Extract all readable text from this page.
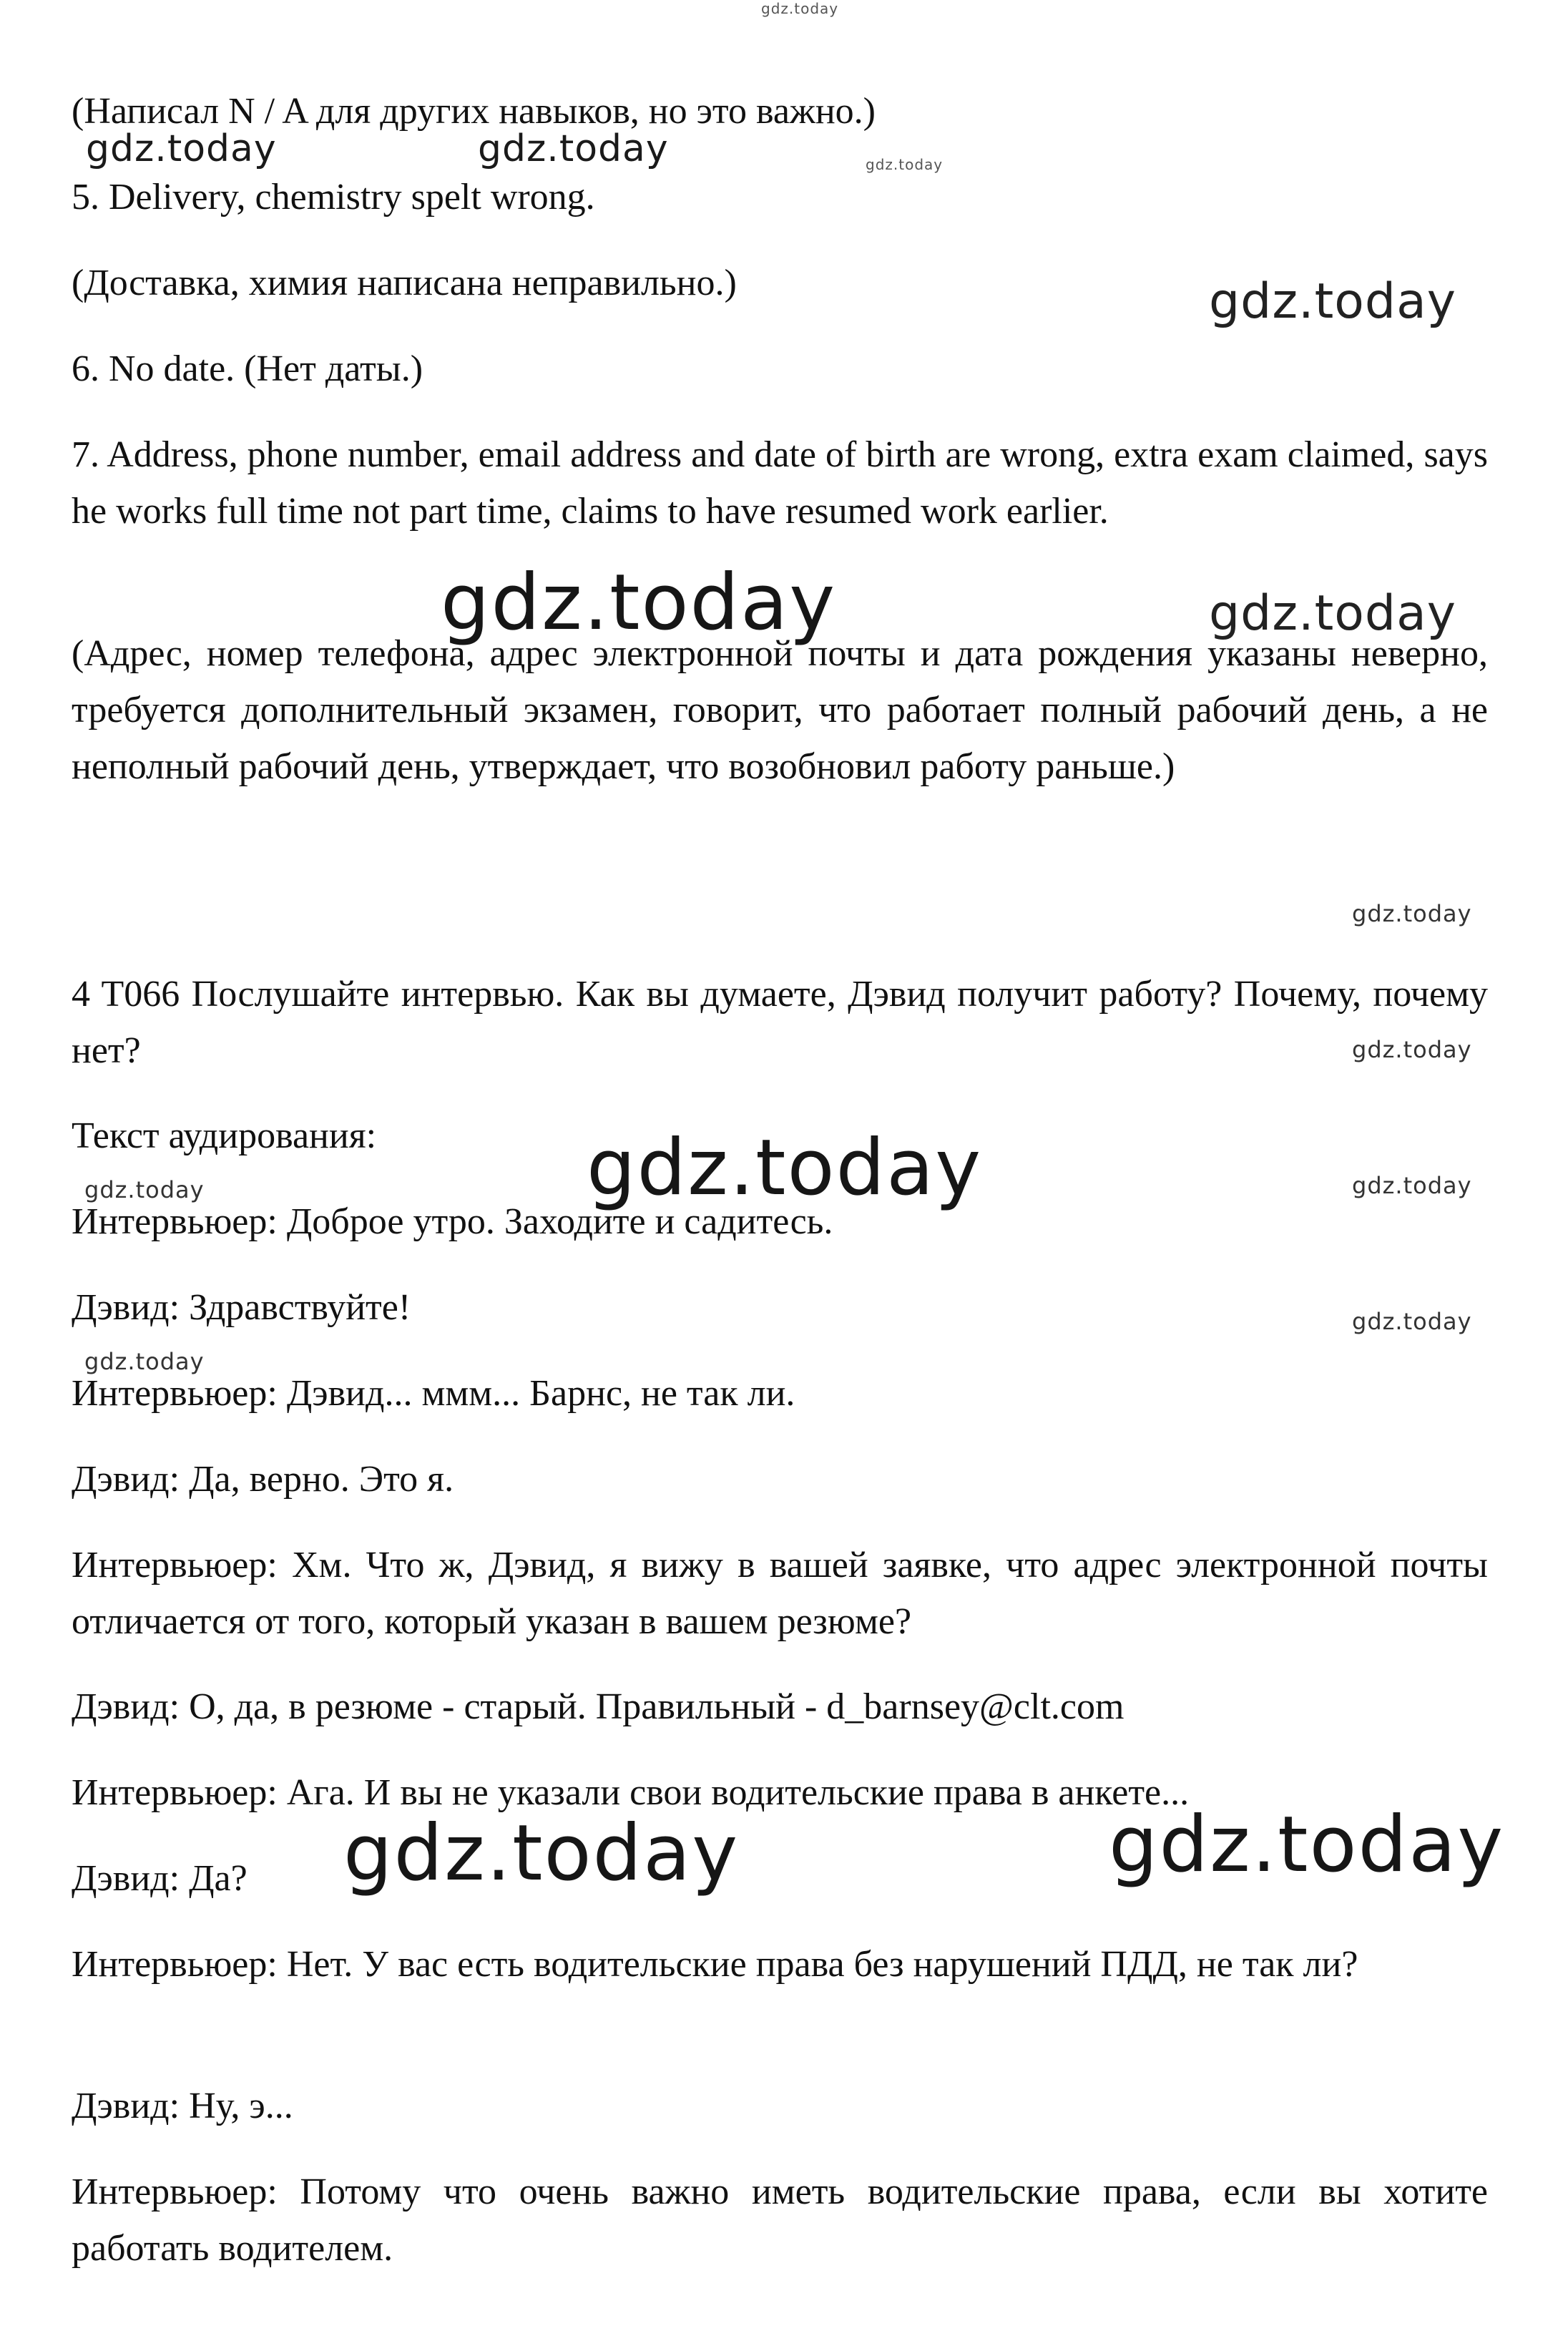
gdz.today
gdz.today	gdz.today	gdz.today
gdz.today
gdz.today	gdz.today
gdz.today
gdz.today
gdz.today
gdz.today	gdz.today
gdz.today
gdz.today
gdz.today	gdz.today

(Написал N / A для других навыков, но это важно.)

5. Delivery, chemistry spelt wrong.

(Доставка, химия написана неправильно.)

6. No date. (Нет даты.)

7. Address, phone number, email address and date of birth are wrong, extra exam claimed, says he works full time not part time, claims to have resumed work earlier.

(Адрес, номер телефона, адрес электронной почты и дата рождения указаны неверно, требуется дополнительный экзамен, говорит, что работает полный рабочий день, а не неполный рабочий день, утверждает, что возобновил работу раньше.)

4 T066 Послушайте интервью. Как вы думаете, Дэвид получит работу? Почему, почему нет?

Текст аудирования:

Интервьюер: Доброе утро. Заходите и садитесь.

Дэвид: Здравствуйте!

Интервьюер: Дэвид... ммм... Барнс, не так ли.

Дэвид: Да, верно. Это я.

Интервьюер: Хм. Что ж, Дэвид, я вижу в вашей заявке, что адрес электронной почты отличается от того, который указан в вашем резюме?

Дэвид: О, да, в резюме - старый. Правильный - d_barnsey@clt.com

Интервьюер: Ага. И вы не указали свои водительские права в анкете...

Дэвид: Да?

Интервьюер: Нет. У вас есть водительские права без нарушений ПДД, не так ли?

Дэвид: Ну, э...

Интервьюер: Потому что очень важно иметь водительские права, если вы хотите работать водителем.
